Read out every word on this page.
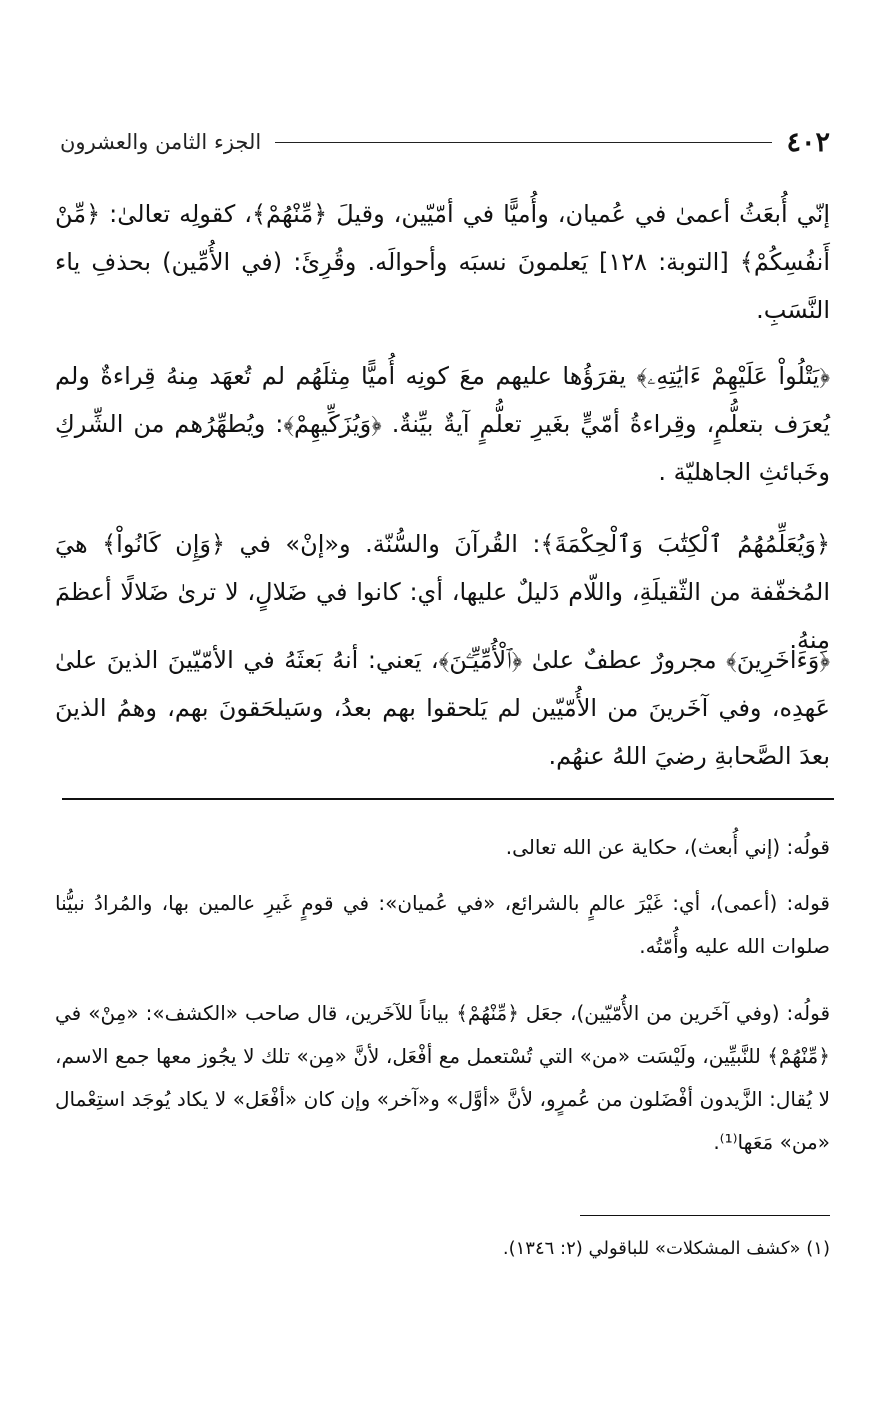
٤٠٢
الجزء الثامن والعشرون

إنّي أُبعَثُ أعمىٰ في عُميان، وأُميًّا في أمّيّين، وقيلَ ﴿مِّنْهُمْ﴾، كقولِه تعالىٰ: ﴿مِّنْ أَنفُسِكُمْ﴾ [التوبة: ١٢٨] يَعلمونَ نسبَه وأحوالَه. وقُرِئَ: (في الأُمِّين) بحذفِ ياء النَّسَبِ.

﴿يَتْلُواْ عَلَيْهِمْ ءَايَٰتِهِۦ﴾ يقرَؤُها عليهم معَ كونِه أُميًّا مِثلَهُم لم تُعهَد مِنهُ قِراءةٌ ولم يُعرَف بتعلُّمٍ، وقِراءةُ أمّيٍّ بغَيرِ تعلُّمٍ آيةٌ بيِّنةٌ. ﴿وَيُزَكِّيهِمْ﴾: ويُطهِّرُهم من الشِّركِ وخَبائثِ الجاهليّة .

﴿وَيُعَلِّمُهُمُ ٱلْكِتَٰبَ وَٱلْحِكْمَةَ﴾: القُرآنَ والسُّنّة. و«إنْ» في ﴿وَإِن كَانُواْ﴾ هيَ المُخفّفة من الثّقيلَةِ، واللّام دَليلٌ عليها، أي: كانوا في ضَلالٍ، لا ترىٰ ضَلالًا أعظمَ مِنهُ.

﴿وَءَاخَرِينَ﴾ مجرورٌ عطفٌ علىٰ ﴿ٱلْأُمِّيِّـۧنَ﴾، يَعني: أنهُ بَعثَهُ في الأمّيّينَ الذينَ علىٰ عَهدِه، وفي آخَرينَ من الأُمّيّين لم يَلحقوا بهم بعدُ، وسَيلحَقونَ بهم، وهمُ الذينَ بعدَ الصَّحابةِ رضيَ اللهُ عنهُم.

قولُه: (إني أُبعث)، حكاية عن الله تعالى.

قوله: (أعمى)، أي: غَيْرَ عالمٍ بالشرائع، «في عُميان»: في قومٍ غَيرِ عالمين بها، والمُرادُ نبيُّنا صلوات الله عليه وأُمّتُه.

قولُه: (وفي آخَرين من الأُمّيّين)، جعَل ﴿مِّنْهُمْ﴾ بياناً للآخَرين، قال صاحب «الكشف»: «مِنْ» في ﴿مِّنْهُمْ﴾ للنَّبيِّين، ولَيْسَت «من» التي تُسْتعمل مع أفْعَل، لأنَّ «مِن» تلك لا يجُوز معها جمع الاسم، لا يُقال: الزَّيدون أفْضَلون من عُمرٍو، لأنَّ «أوَّل» و«آخر» وإن كان «أفْعَل» لا يكاد يُوجَد استِعْمال «من» مَعَها⁽¹⁾.

(١) «كشف المشكلات» للباقولي (٢: ١٣٤٦).
